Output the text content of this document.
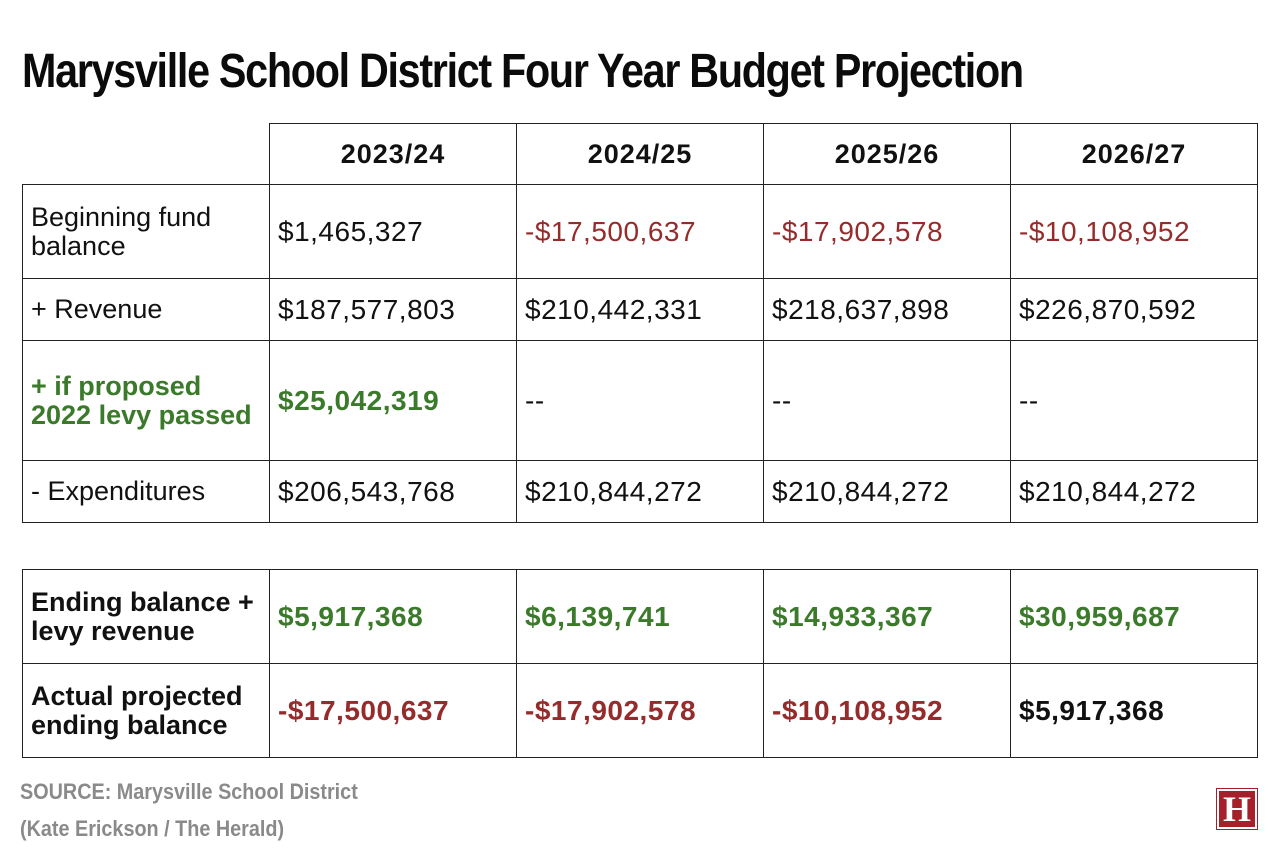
Marysville School District Four Year Budget Projection
	2023/24	2024/25	2025/26	2026/27
Beginning fund balance	$1,465,327	-$17,500,637	-$17,902,578	-$10,108,952
+ Revenue	$187,577,803	$210,442,331	$218,637,898	$226,870,592
+ if proposed 2022 levy passed	$25,042,319	--	--	--
- Expenditures	$206,543,768	$210,844,272	$210,844,272	$210,844,272
Ending balance + levy revenue	$5,917,368	$6,139,741	$14,933,367	$30,959,687
Actual projected ending balance	-$17,500,637	-$17,902,578	-$10,108,952	$5,917,368
SOURCE: Marysville School District
(Kate Erickson / The Herald)	H
